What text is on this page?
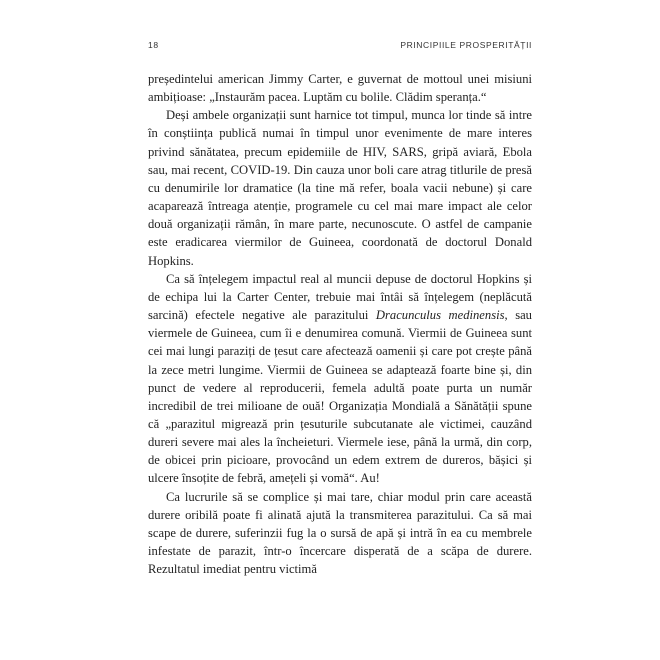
18	PRINCIPIILE PROSPERITĂȚII

președintelui american Jimmy Carter, e guvernat de mottoul unei misiuni ambițioase: „Instaurăm pacea. Luptăm cu bolile. Clădim speranța.“

Deși ambele organizații sunt harnice tot timpul, munca lor tinde să intre în conștiința publică numai în timpul unor evenimente de mare interes privind sănătatea, precum epidemiile de HIV, SARS, gripă aviară, Ebola sau, mai recent, COVID-19. Din cauza unor boli care atrag titlurile de presă cu denumirile lor dramatice (la tine mă refer, boala vacii nebune) și care acaparează întreaga atenție, programele cu cel mai mare impact ale celor două organizații rămân, în mare parte, necunoscute. O astfel de campanie este eradicarea viermilor de Guineea, coordonată de doctorul Donald Hopkins.

Ca să înțelegem impactul real al muncii depuse de doctorul Hopkins și de echipa lui la Carter Center, trebuie mai întâi să înțelegem (neplăcută sarcină) efectele negative ale parazitului Dracunculus medinensis, sau viermele de Guineea, cum îi e denumirea comună. Viermii de Guineea sunt cei mai lungi paraziți de țesut care afectează oamenii și care pot crește până la zece metri lungime. Viermii de Guineea se adaptează foarte bine și, din punct de vedere al reproducerii, femela adultă poate purta un număr incredibil de trei milioane de ouă! Organizația Mondială a Sănătății spune că „parazitul migrează prin țesuturile subcutanate ale victimei, cauzând dureri severe mai ales la încheieturi. Viermele iese, până la urmă, din corp, de obicei prin picioare, provocând un edem extrem de dureros, bășici și ulcere însoțite de febră, amețeli și vomă“. Au!

Ca lucrurile să se complice și mai tare, chiar modul prin care această durere oribilă poate fi alinată ajută la transmiterea parazitului. Ca să mai scape de durere, suferinzii fug la o sursă de apă și intră în ea cu membrele infestate de parazit, într-o încercare disperată de a scăpa de durere. Rezultatul imediat pentru victimă
